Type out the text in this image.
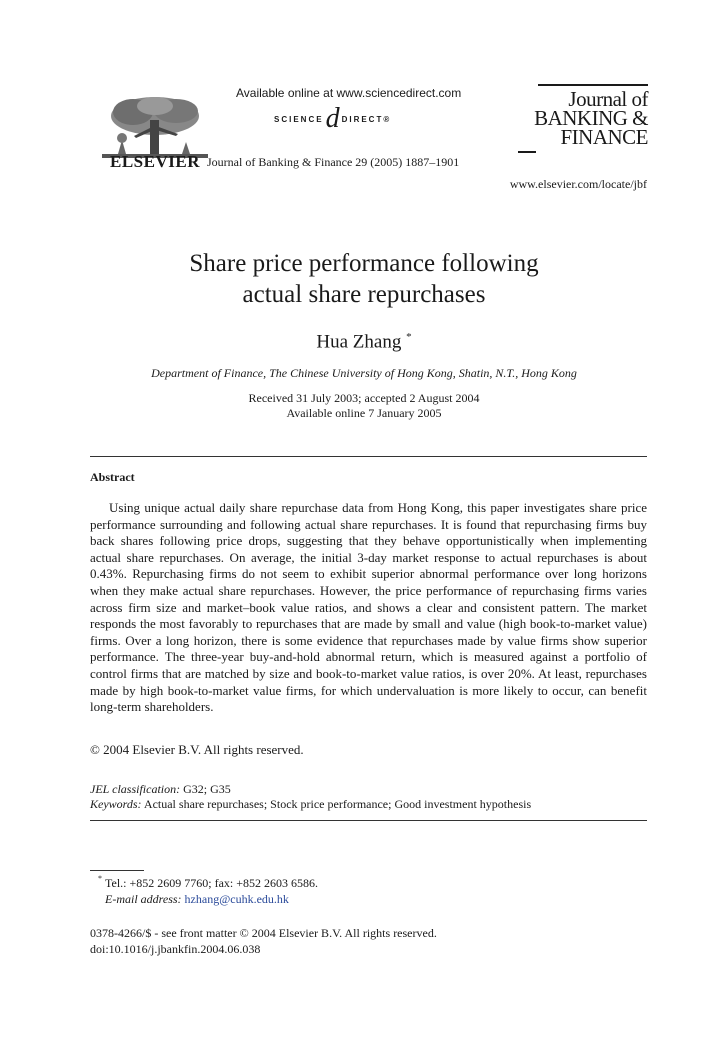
ELSEVIER
Available online at www.sciencedirect.com
SCIENCE d DIRECT®
Journal of Banking & Finance 29 (2005) 1887–1901
Journal of
BANKING &
FINANCE
www.elsevier.com/locate/jbf
Share price performance following
actual share repurchases
Hua Zhang *
Department of Finance, The Chinese University of Hong Kong, Shatin, N.T., Hong Kong
Received 31 July 2003; accepted 2 August 2004
Available online 7 January 2005
Abstract
Using unique actual daily share repurchase data from Hong Kong, this paper investigates share price performance surrounding and following actual share repurchases. It is found that repurchasing firms buy back shares following price drops, suggesting that they behave opportunistically when implementing actual share repurchases. On average, the initial 3-day market response to actual repurchases is about 0.43%. Repurchasing firms do not seem to exhibit superior abnormal performance over long horizons when they make actual share repurchases. However, the price performance of repurchasing firms varies across firm size and market–book value ratios, and shows a clear and consistent pattern. The market responds the most favorably to repurchases that are made by small and value (high book-to-market value) firms. Over a long horizon, there is some evidence that repurchases made by value firms show superior performance. The three-year buy-and-hold abnormal return, which is measured against a portfolio of control firms that are matched by size and book-to-market value ratios, is over 20%. At least, repurchases made by high book-to-market value firms, for which undervaluation is more likely to occur, can benefit long-term shareholders.
© 2004 Elsevier B.V. All rights reserved.
JEL classification: G32; G35
Keywords: Actual share repurchases; Stock price performance; Good investment hypothesis
* Tel.: +852 2609 7760; fax: +852 2603 6586.
E-mail address: hzhang@cuhk.edu.hk
0378-4266/$ - see front matter © 2004 Elsevier B.V. All rights reserved.
doi:10.1016/j.jbankfin.2004.06.038
